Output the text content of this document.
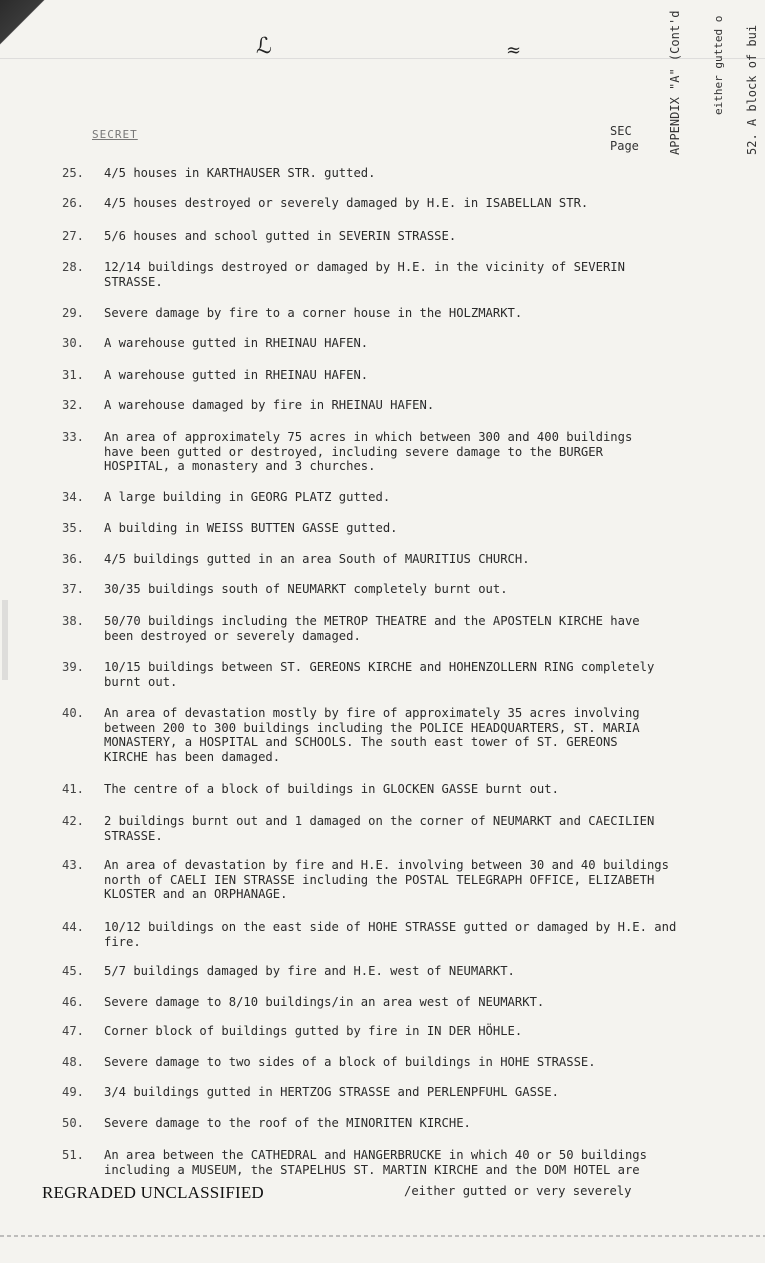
ℒ	≈
SECRET	SEC
Page APPENDIX "A" (Cont'd	either gutted o 52. A block of bui
25.	4/5 houses in KARTHAUSER STR. gutted.
26.	4/5 houses destroyed or severely damaged by H.E. in ISABELLAN STR.
27.	5/6 houses and school gutted in SEVERIN STRASSE.
28.	12/14 buildings destroyed or damaged by H.E. in the vicinity of SEVERIN
STRASSE.
29.	Severe damage by fire to a corner house in the HOLZMARKT.
30.	A warehouse gutted in RHEINAU HAFEN.
31.	A warehouse gutted in RHEINAU HAFEN.
32.	A warehouse damaged by fire in RHEINAU HAFEN.
33.	An area of approximately 75 acres in which between 300 and 400 buildings
have been gutted or destroyed, including severe damage to the BURGER
HOSPITAL, a monastery and 3 churches.
34.	A large building in GEORG PLATZ gutted.
35.	A building in WEISS BUTTEN GASSE gutted.
36.	4/5 buildings gutted in an area South of MAURITIUS CHURCH.
37.	30/35 buildings south of NEUMARKT completely burnt out.
38.	50/70 buildings including the METROP THEATRE and the APOSTELN KIRCHE have
been destroyed or severely damaged.
39.	10/15 buildings between ST. GEREONS KIRCHE and HOHENZOLLERN RING completely
burnt out.
40.	An area of devastation mostly by fire of approximately 35 acres involving
between 200 to 300 buildings including the POLICE HEADQUARTERS, ST. MARIA
MONASTERY, a HOSPITAL and SCHOOLS. The south east tower of ST. GEREONS
KIRCHE has been damaged.
41.	The centre of a block of buildings in GLOCKEN GASSE burnt out.
42.	2 buildings burnt out and 1 damaged on the corner of NEUMARKT and CAECILIEN
STRASSE.
43.	An area of devastation by fire and H.E. involving between 30 and 40 buildings
north of CAELI IEN STRASSE including the POSTAL TELEGRAPH OFFICE, ELIZABETH
KLOSTER and an ORPHANAGE.
44.	10/12 buildings on the east side of HOHE STRASSE gutted or damaged by H.E. and
fire.
45.	5/7 buildings damaged by fire and H.E. west of NEUMARKT.
46.	Severe damage to 8/10 buildings/in an area west of NEUMARKT.
47.	Corner block of buildings gutted by fire in IN DER HÖHLE.
48.	Severe damage to two sides of a block of buildings in HOHE STRASSE.
49.	3/4 buildings gutted in HERTZOG STRASSE and PERLENPFUHL GASSE.
50.	Severe damage to the roof of the MINORITEN KIRCHE.
51.	An area between the CATHEDRAL and HANGERBRUCKE in which 40 or 50 buildings
including a MUSEUM, the STAPELHUS ST. MARTIN KIRCHE and the DOM HOTEL are
/either gutted or very severely
REGRADED UNCLASSIFIED
